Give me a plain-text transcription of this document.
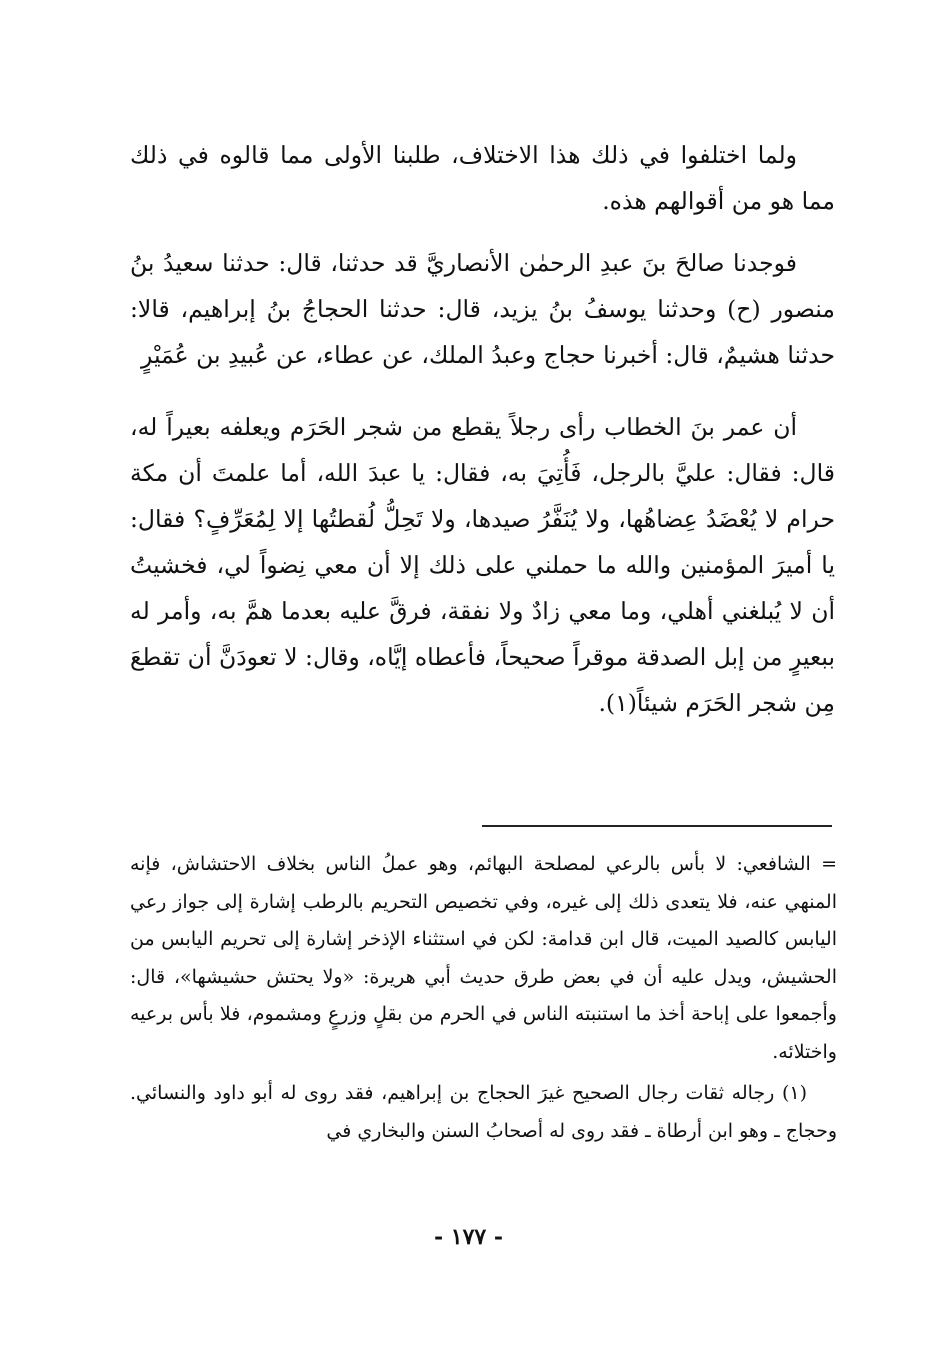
ولما اختلفوا في ذلك هذا الاختلاف، طلبنا الأولى مما قالوه في ذلك مما هو من أقوالهم هذه.

فوجدنا صالحَ بنَ عبدِ الرحمٰن الأنصاريَّ قد حدثنا، قال: حدثنا سعيدُ بنُ منصور (ح) وحدثنا يوسفُ بنُ يزيد، قال: حدثنا الحجاجُ بنُ إبراهيم، قالا: حدثنا هشيمٌ، قال: أخبرنا حجاج وعبدُ الملك، عن عطاء، عن عُبيدِ بن عُمَيْرٍ

أن عمر بنَ الخطاب رأى رجلاً يقطع من شجر الحَرَم ويعلفه بعيراً له، قال: فقال: عليَّ بالرجل، فَأُتِيَ به، فقال: يا عبدَ الله، أما علمتَ أن مكة حرام لا يُعْضَدُ عِضاهُها، ولا يُنَفَّرُ صيدها، ولا تَحِلُّ لُقطتُها إلا لِمُعَرِّفٍ؟ فقال: يا أميرَ المؤمنين والله ما حملني على ذلك إلا أن معي نِضواً لي، فخشيتُ أن لا يُبلغني أهلي، وما معي زادٌ ولا نفقة، فرقَّ عليه بعدما همَّ به، وأمر له ببعيرٍ من إبل الصدقة موقراً صحيحاً، فأعطاه إيَّاه، وقال: لا تعودَنَّ أن تقطعَ مِن شجر الحَرَم شيئاً(١).

= الشافعي: لا بأس بالرعي لمصلحة البهائم، وهو عملُ الناس بخلاف الاحتشاش، فإنه المنهي عنه، فلا يتعدى ذلك إلى غيره، وفي تخصيص التحريم بالرطب إشارة إلى جواز رعي اليابس كالصيد الميت، قال ابن قدامة: لكن في استثناء الإذخر إشارة إلى تحريم اليابس من الحشيش، ويدل عليه أن في بعض طرق حديث أبي هريرة: «ولا يحتش حشيشها»، قال: وأجمعوا على إباحة أخذ ما استنبته الناس في الحرم من بقلٍ وزرعٍ ومشموم، فلا بأس برعيه واختلائه.

(١) رجاله ثقات رجال الصحيح غيرَ الحجاج بن إبراهيم، فقد روى له أبو داود والنسائي. وحجاج ـ وهو ابن أرطاة ـ فقد روى له أصحابُ السنن والبخاري في

- ١٧٧ -
